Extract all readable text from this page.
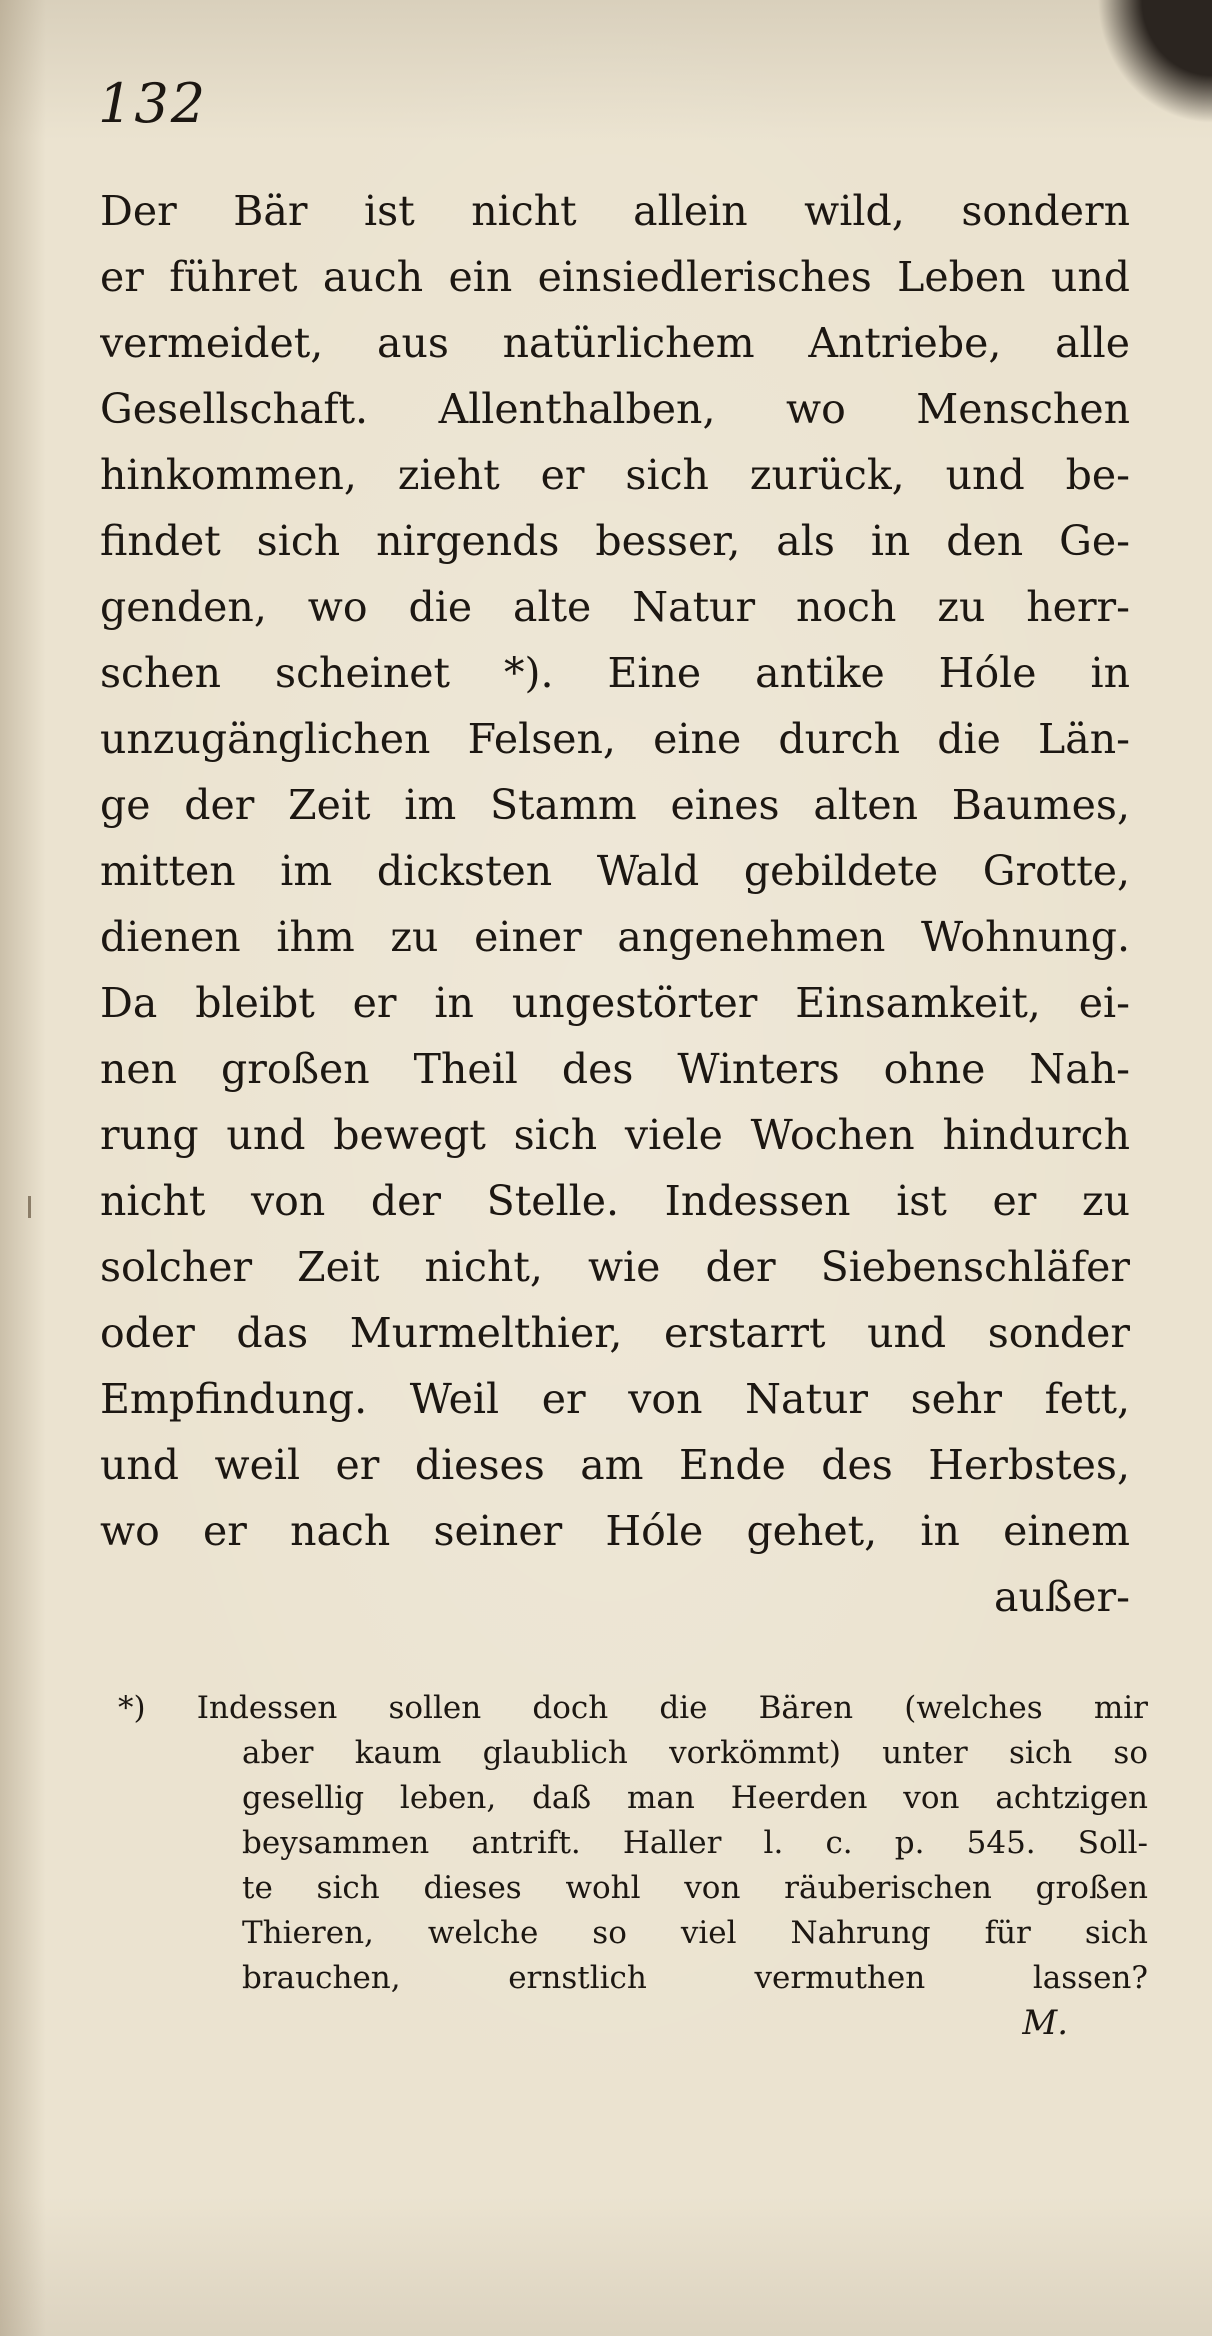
132
Der Bär ist nicht allein wild, sondern
er führet auch ein einsiedlerisches Leben und
vermeidet, aus natürlichem Antriebe, alle
Gesellschaft. Allenthalben, wo Menschen
hinkommen, zieht er sich zurück, und be-
findet sich nirgends besser, als in den Ge-
genden, wo die alte Natur noch zu herr-
schen scheinet *). Eine antike Hóle in
unzugänglichen Felsen, eine durch die Län-
ge der Zeit im Stamm eines alten Baumes,
mitten im dicksten Wald gebildete Grotte,
dienen ihm zu einer angenehmen Wohnung.
Da bleibt er in ungestörter Einsamkeit, ei-
nen großen Theil des Winters ohne Nah-
rung und bewegt sich viele Wochen hindurch
nicht von der Stelle. Indessen ist er zu
solcher Zeit nicht, wie der Siebenschläfer
oder das Murmelthier, erstarrt und sonder
Empfindung. Weil er von Natur sehr fett,
und weil er dieses am Ende des Herbstes,
wo er nach seiner Hóle gehet, in einem
außer-
*) Indessen sollen doch die Bären (welches mir
aber kaum glaublich vorkömmt) unter sich so
gesellig leben, daß man Heerden von achtzigen
beysammen antrift. Haller l. c. p. 545. Soll-
te sich dieses wohl von räuberischen großen
Thieren, welche so viel Nahrung für sich
brauchen, ernstlich vermuthen lassen?
M.
